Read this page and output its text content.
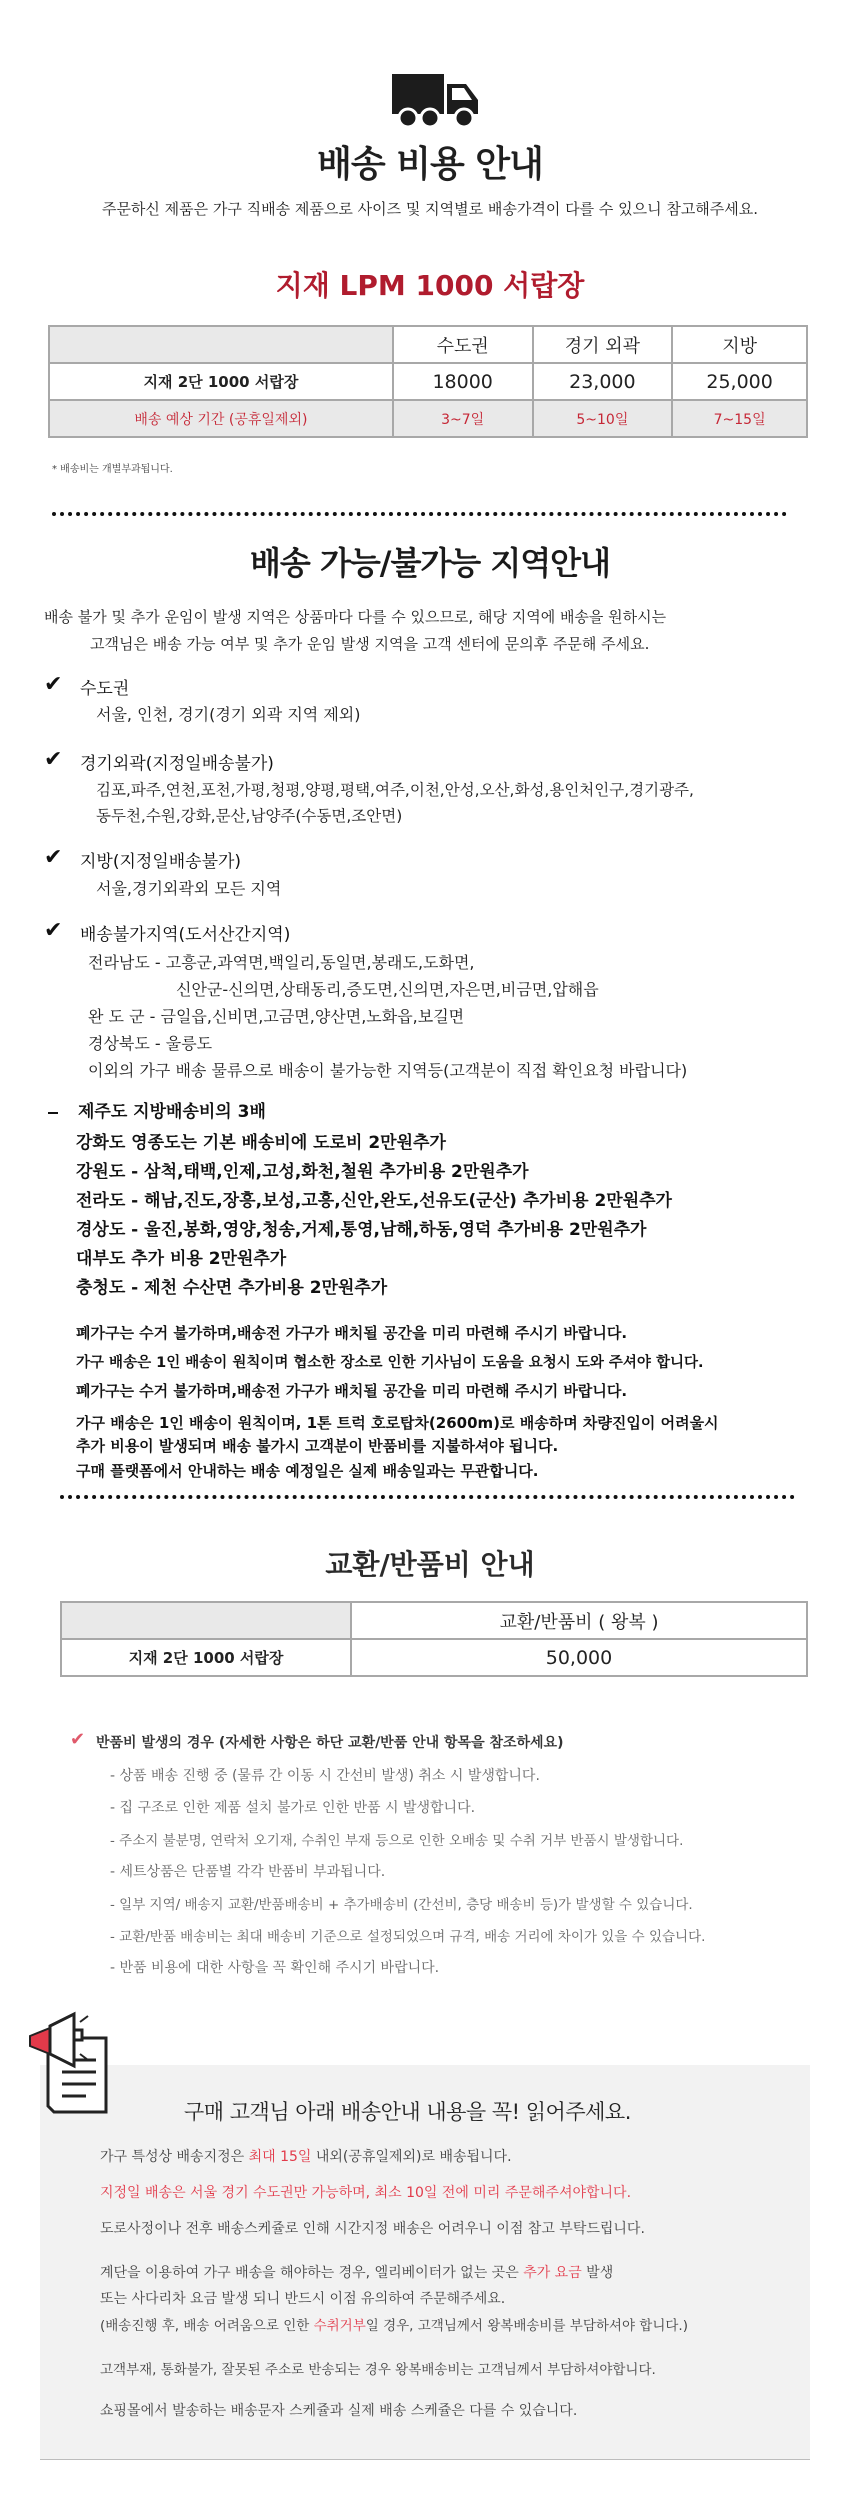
배송 비용 안내
주문하신 제품은 가구 직배송 제품으로 사이즈 및 지역별로 배송가격이 다를 수 있으니 참고해주세요.
지재 LPM 1000 서랍장
	수도권	경기 외곽	지방
지재 2단 1000 서랍장	18000	23,000	25,000
배송 예상 기간 (공휴일제외)	3~7일	5~10일	7~15일
* 배송비는 개별부과됩니다.
배송 가능/불가능 지역안내
배송 불가 및 추가 운임이 발생 지역은 상품마다 다를 수 있으므로, 해당 지역에 배송을 원하시는
고객님은 배송 가능 여부 및 추가 운임 발생 지역을 고객 센터에 문의후 주문해 주세요.
✔ 수도권
서울, 인천, 경기(경기 외곽 지역 제외)
✔ 경기외곽(지정일배송불가)
김포,파주,연천,포천,가평,청평,양평,평택,여주,이천,안성,오산,화성,용인처인구,경기광주,
동두천,수원,강화,문산,남양주(수동면,조안면)
✔ 지방(지정일배송불가)
서울,경기외곽외 모든 지역
✔ 배송불가지역(도서산간지역)
전라남도 - 고흥군,과역면,백일리,동일면,봉래도,도화면,
신안군-신의면,상태동리,증도면,신의면,자은면,비금면,압해읍
완 도 군 - 금일읍,신비면,고금면,양산면,노화읍,보길면
경상북도 - 울릉도
이외의 가구 배송 물류으로 배송이 불가능한 지역등(고객분이 직접 확인요청 바랍니다)
제주도 지방배송비의 3배
강화도 영종도는 기본 배송비에 도로비 2만원추가
강원도 - 삼척,태백,인제,고성,화천,철원 추가비용 2만원추가
전라도 - 해남,진도,장흥,보성,고흥,신안,완도,선유도(군산) 추가비용 2만원추가
경상도 - 울진,봉화,영양,청송,거제,통영,남해,하동,영덕 추가비용 2만원추가
대부도 추가 비용 2만원추가
충청도 - 제천 수산면 추가비용 2만원추가
폐가구는 수거 불가하며,배송전 가구가 배치될 공간을 미리 마련해 주시기 바랍니다.
가구 배송은 1인 배송이 원칙이며 협소한 장소로 인한 기사님이 도움을 요청시 도와 주셔야 합니다.
폐가구는 수거 불가하며,배송전 가구가 배치될 공간을 미리 마련해 주시기 바랍니다.
가구 배송은 1인 배송이 원칙이며, 1톤 트럭 호로탑차(2600m)로 배송하며 차량진입이 어려울시
추가 비용이 발생되며 배송 불가시 고객분이 반품비를 지불하셔야 됩니다.
구매 플랫폼에서 안내하는 배송 예정일은 실제 배송일과는 무관합니다.
교환/반품비 안내
	교환/반품비 ( 왕복 )
지재 2단 1000 서랍장	50,000
✔ 반품비 발생의 경우 (자세한 사항은 하단 교환/반품 안내 항목을 참조하세요)
- 상품 배송 진행 중 (물류 간 이동 시 간선비 발생) 취소 시 발생합니다.
- 집 구조로 인한 제품 설치 불가로 인한 반품 시 발생합니다.
- 주소지 불분명, 연락처 오기재, 수취인 부재 등으로 인한 오배송 및 수취 거부 반품시 발생합니다.
- 세트상품은 단품별 각각 반품비 부과됩니다.
- 일부 지역/ 배송지 교환/반품배송비 + 추가배송비 (간선비, 층당 배송비 등)가 발생할 수 있습니다.
- 교환/반품 배송비는 최대 배송비 기준으로 설정되었으며 규격, 배송 거리에 차이가 있을 수 있습니다.
- 반품 비용에 대한 사항을 꼭 확인해 주시기 바랍니다.
구매 고객님 아래 배송안내 내용을 꼭! 읽어주세요.
가구 특성상 배송지정은 최대 15일 내외(공휴일제외)로 배송됩니다.
지정일 배송은 서울 경기 수도권만 가능하며, 최소 10일 전에 미리 주문해주셔야합니다.
도로사정이나 전후 배송스케쥴로 인해 시간지정 배송은 어려우니 이점 참고 부탁드립니다.
계단을 이용하여 가구 배송을 해야하는 경우, 엘리베이터가 없는 곳은 추가 요금 발생
또는 사다리차 요금 발생 되니 반드시 이점 유의하여 주문해주세요.
(배송진행 후, 배송 어려움으로 인한 수취거부일 경우, 고객님께서 왕복배송비를 부담하셔야 합니다.)
고객부재, 통화불가, 잘못된 주소로 반송되는 경우 왕복배송비는 고객님께서 부담하셔야합니다.
쇼핑몰에서 발송하는 배송문자 스케쥴과 실제 배송 스케쥴은 다를 수 있습니다.
